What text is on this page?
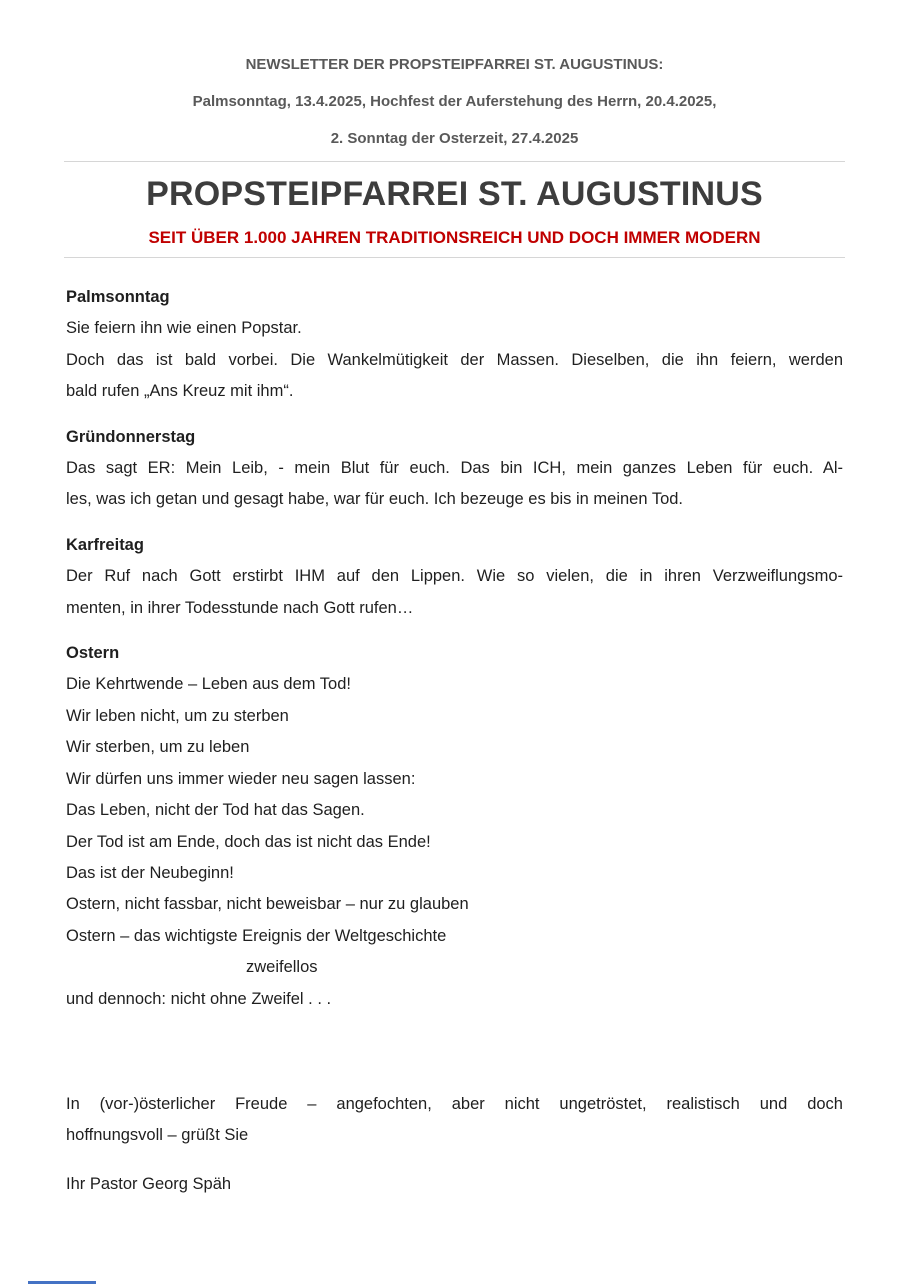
NEWSLETTER DER PROPSTEIPFARREI ST. AUGUSTINUS:
Palmsonntag, 13.4.2025, Hochfest der Auferstehung des Herrn, 20.4.2025,
2. Sonntag der Osterzeit, 27.4.2025
PROPSTEIPFARREI ST. AUGUSTINUS
SEIT ÜBER 1.000 JAHREN TRADITIONSREICH UND DOCH IMMER MODERN
Palmsonntag
Sie feiern ihn wie einen Popstar.
Doch das ist bald vorbei. Die Wankelmütigkeit der Massen. Dieselben, die ihn feiern, werden
bald rufen „Ans Kreuz mit ihm“.
Gründonnerstag
Das sagt ER: Mein Leib, - mein Blut für euch. Das bin ICH, mein ganzes Leben für euch. Al-
les, was ich getan und gesagt habe, war für euch. Ich bezeuge es bis in meinen Tod.
Karfreitag
Der Ruf nach Gott erstirbt IHM auf den Lippen. Wie so vielen, die in ihren Verzweiflungsmo-
menten, in ihrer Todesstunde nach Gott rufen…
Ostern
Die Kehrtwende – Leben aus dem Tod!
Wir leben nicht, um zu sterben
Wir sterben, um zu leben
Wir dürfen uns immer wieder neu sagen lassen:
Das Leben, nicht der Tod hat das Sagen.
Der Tod ist am Ende, doch das ist nicht das Ende!
Das ist der Neubeginn!
Ostern, nicht fassbar, nicht beweisbar – nur zu glauben
Ostern – das wichtigste Ereignis der Weltgeschichte
zweifellos
und dennoch: nicht ohne Zweifel . . .
In (vor-)österlicher Freude – angefochten, aber nicht ungetröstet, realistisch und doch
hoffnungsvoll – grüßt Sie

Ihr Pastor Georg Späh
